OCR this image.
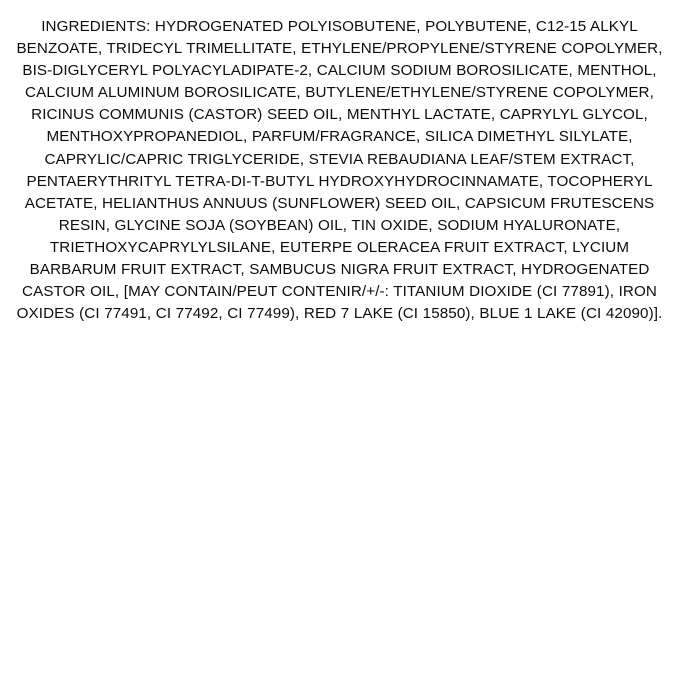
INGREDIENTS: HYDROGENATED POLYISOBUTENE, POLYBUTENE, C12-15 ALKYL BENZOATE, TRIDECYL TRIMELLITATE, ETHYLENE/PROPYLENE/STYRENE COPOLYMER, BIS-DIGLYCERYL POLYACYLADIPATE-2, CALCIUM SODIUM BOROSILICATE, MENTHOL, CALCIUM ALUMINUM BOROSILICATE, BUTYLENE/ETHYLENE/STYRENE COPOLYMER, RICINUS COMMUNIS (CASTOR) SEED OIL, MENTHYL LACTATE, CAPRYLYL GLYCOL, MENTHOXYPROPANEDIOL, PARFUM/FRAGRANCE, SILICA DIMETHYL SILYLATE, CAPRYLIC/CAPRIC TRIGLYCERIDE, STEVIA REBAUDIANA LEAF/STEM EXTRACT, PENTAERYTHRITYL TETRA-DI-T-BUTYL HYDROXYHYDROCINNAMATE, TOCOPHERYL ACETATE, HELIANTHUS ANNUUS (SUNFLOWER) SEED OIL, CAPSICUM FRUTESCENS RESIN, GLYCINE SOJA (SOYBEAN) OIL, TIN OXIDE, SODIUM HYALURONATE, TRIETHOXYCAPRYLYLSILANE, EUTERPE OLERACEA FRUIT EXTRACT, LYCIUM BARBARUM FRUIT EXTRACT, SAMBUCUS NIGRA FRUIT EXTRACT, HYDROGENATED CASTOR OIL, [MAY CONTAIN/PEUT CONTENIR/+/-: TITANIUM DIOXIDE (CI 77891), IRON OXIDES (CI 77491, CI 77492, CI 77499), RED 7 LAKE (CI 15850), BLUE 1 LAKE (CI 42090)].
